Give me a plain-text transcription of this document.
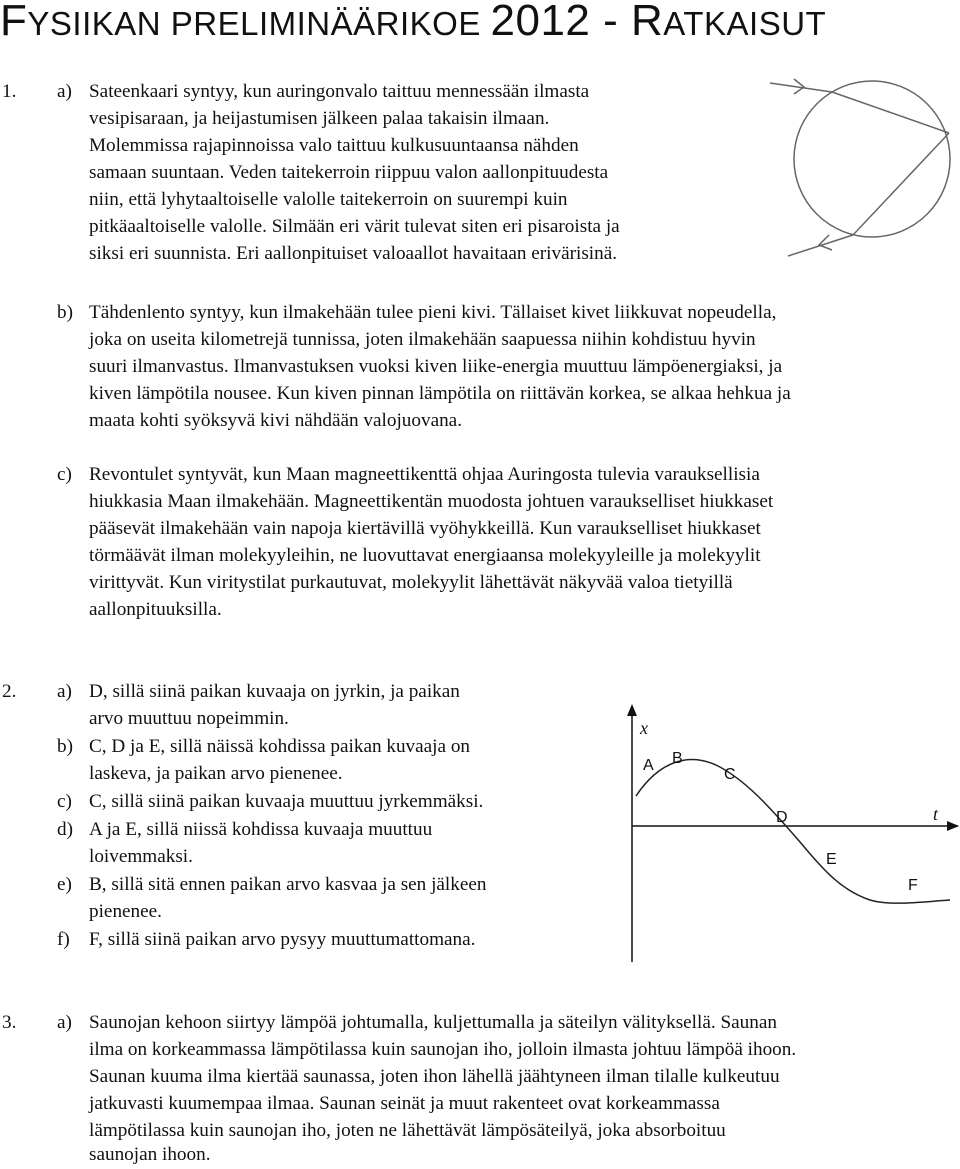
FYSIIKAN PRELIMINÄÄRIKOE 2012 - RATKAISUT
1. a) Sateenkaari syntyy, kun auringonvalo taittuu mennessään ilmasta
vesipisaraan, ja heijastumisen jälkeen palaa takaisin ilmaan.
Molemmissa rajapinnoissa valo taittuu kulkusuuntaansa nähden
samaan suuntaan. Veden taitekerroin riippuu valon aallonpituudesta
niin, että lyhytaaltoiselle valolle taitekerroin on suurempi kuin
pitkäaaltoiselle valolle. Silmään eri värit tulevat siten eri pisaroista ja
siksi eri suunnista. Eri aallonpituiset valoaallot havaitaan erivärisinä.
b) Tähdenlento syntyy, kun ilmakehään tulee pieni kivi. Tällaiset kivet liikkuvat nopeudella,
joka on useita kilometrejä tunnissa, joten ilmakehään saapuessa niihin kohdistuu hyvin
suuri ilmanvastus. Ilmanvastuksen vuoksi kiven liike-energia muuttuu lämpöenergiaksi, ja
kiven lämpötila nousee. Kun kiven pinnan lämpötila on riittävän korkea, se alkaa hehkua ja
maata kohti syöksyvä kivi nähdään valojuovana.
c) Revontulet syntyvät, kun Maan magneettikenttä ohjaa Auringosta tulevia varauksellisia
hiukkasia Maan ilmakehään. Magneettikentän muodosta johtuen varaukselliset hiukkaset
pääsevät ilmakehään vain napoja kiertävillä vyöhykkeillä. Kun varaukselliset hiukkaset
törmäävät ilman molekyyleihin, ne luovuttavat energiaansa molekyyleille ja molekyylit
virittyvät. Kun viritystilat purkautuvat, molekyylit lähettävät näkyvää valoa tietyillä
aallonpituuksilla.
2. a) D, sillä siinä paikan kuvaaja on jyrkin, ja paikan
arvo muuttuu nopeimmin.
b) C, D ja E, sillä näissä kohdissa paikan kuvaaja on
laskeva, ja paikan arvo pienenee.
c) C, sillä siinä paikan kuvaaja muuttuu jyrkemmäksi.
d) A ja E, sillä niissä kohdissa kuvaaja muuttuu
loivemmaksi.
e) B, sillä sitä ennen paikan arvo kasvaa ja sen jälkeen
pienenee.
f) F, sillä siinä paikan arvo pysyy muuttumattomana.
x
t
A B
C
D
E
F
3. a) Saunojan kehoon siirtyy lämpöä johtumalla, kuljettumalla ja säteilyn välityksellä. Saunan
ilma on korkeammassa lämpötilassa kuin saunojan iho, jolloin ilmasta johtuu lämpöä ihoon.
Saunan kuuma ilma kiertää saunassa, joten ihon lähellä jäähtyneen ilman tilalle kulkeutuu
jatkuvasti kuumempaa ilmaa. Saunan seinät ja muut rakenteet ovat korkeammassa
lämpötilassa kuin saunojan iho, joten ne lähettävät lämpösäteilyä, joka absorboituu
saunojan ihoon.
